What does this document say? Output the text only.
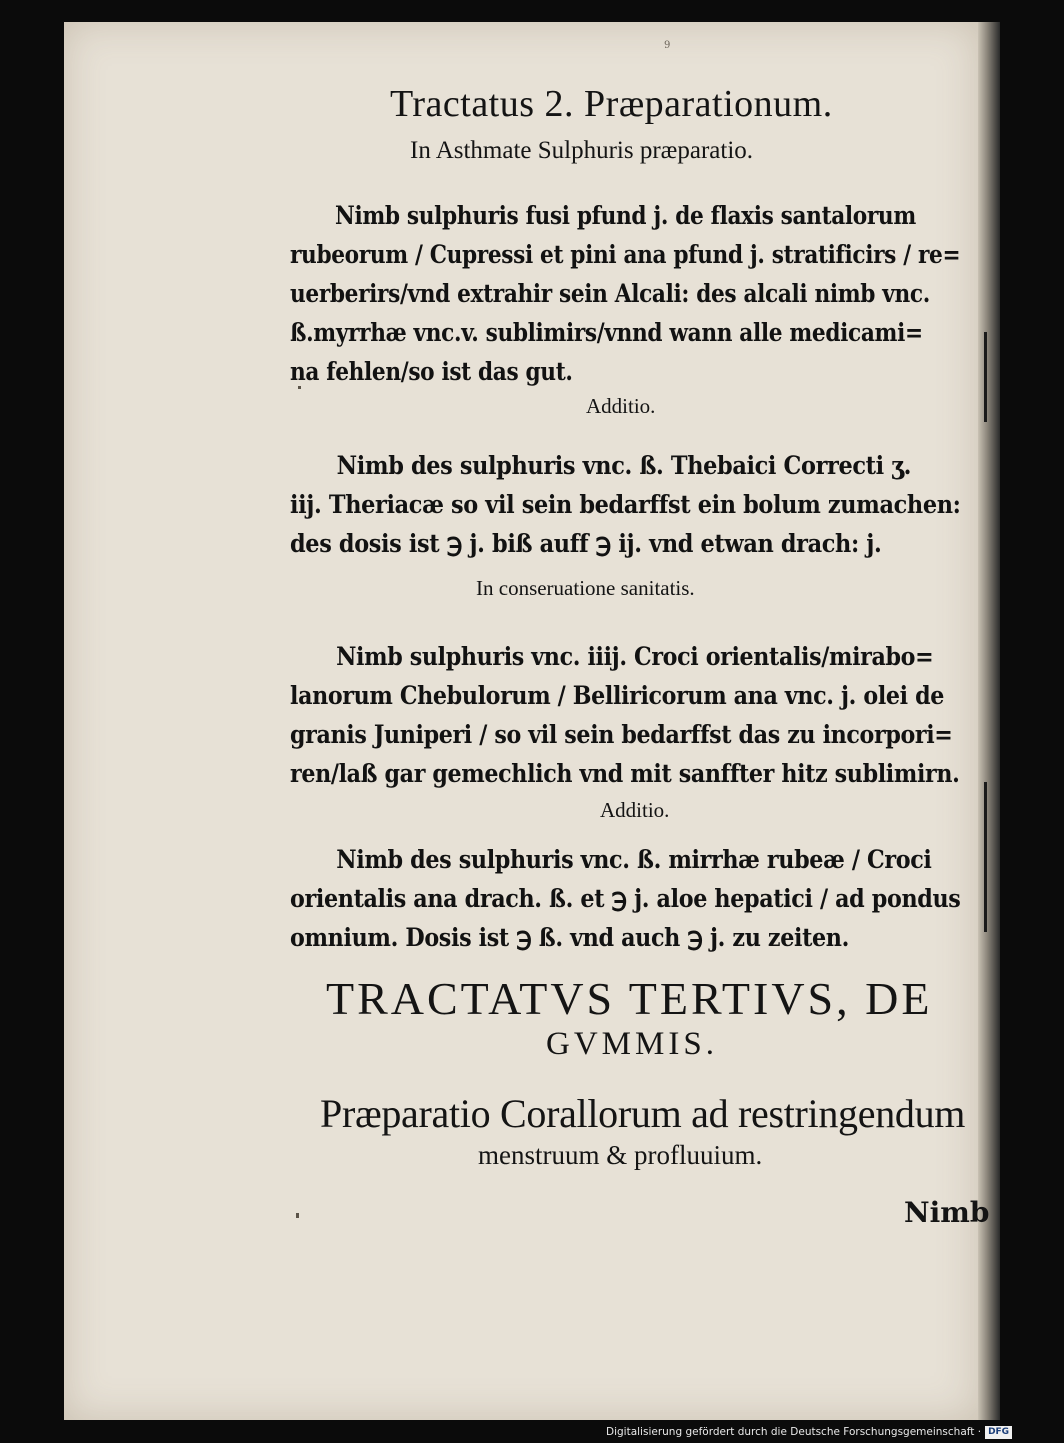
9
Tractatus 2. Præparationum.
In Asthmate Sulphuris præparatio.
Nimb sulphuris fusi pfund j. de flaxis santalorum
rubeorum / Cupressi et pini ana pfund j. stratificirs / re=
uerberirs/vnd extrahir sein Alcali: des alcali nimb vnc.
ß.myrrhæ vnc.v. sublimirs/vnnd wann alle medicami=
na fehlen/so ist das gut.
Additio.
Nimb des sulphuris vnc. ß. Thebaici Correcti ʒ.
iij. Theriacæ so vil sein bedarffst ein bolum zumachen:
des dosis ist ℈ j. biß auff ℈ ij. vnd etwan drach: j.
In conseruatione sanitatis.
Nimb sulphuris vnc. iiij. Croci orientalis/mirabo=
lanorum Chebulorum / Belliricorum ana vnc. j. olei de
granis Juniperi / so vil sein bedarffst das zu incorpori=
ren/laß gar gemechlich vnd mit sanffter hitz sublimirn.
Additio.
Nimb des sulphuris vnc. ß. mirrhæ rubeæ / Croci
orientalis ana drach. ß. et ℈ j. aloe hepatici / ad pondus
omnium. Dosis ist ℈ ß. vnd auch ℈ j. zu zeiten.
TRACTATVS TERTIVS, DE
GVMMIS.
Præparatio Corallorum ad restringendum
menstruum & profluuium.
Nimb
Digitalisierung gefördert durch die Deutsche Forschungsgemeinschaft · DFG
